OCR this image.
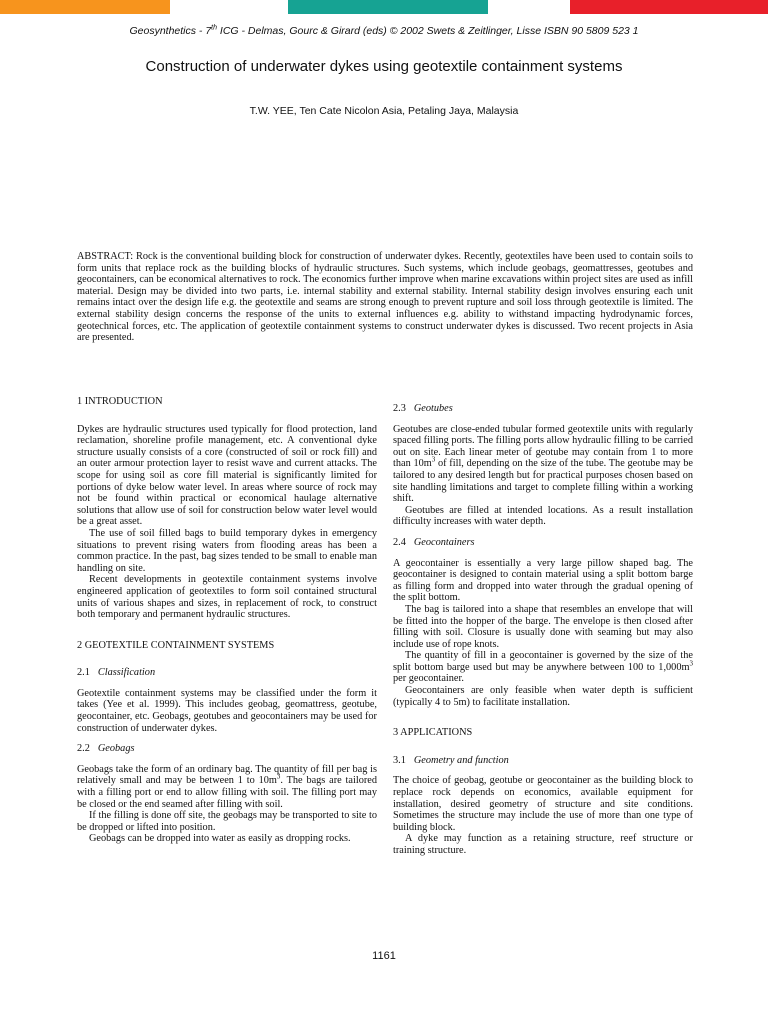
Geosynthetics - 7th ICG - Delmas, Gourc & Girard (eds) © 2002 Swets & Zeitlinger, Lisse ISBN 90 5809 523 1
Construction of underwater dykes using geotextile containment systems
T.W. YEE, Ten Cate Nicolon Asia, Petaling Jaya, Malaysia
ABSTRACT: Rock is the conventional building block for construction of underwater dykes. Recently, geotextiles have been used to contain soils to form units that replace rock as the building blocks of hydraulic structures. Such systems, which include geobags, geomattresses, geotubes and geocontainers, can be economical alternatives to rock. The economics further improve when marine excavations within project sites are used as infill material. Design may be divided into two parts, i.e. internal stability and external stability. Internal stability design involves ensuring each unit remains intact over the design life e.g. the geotextile and seams are strong enough to prevent rupture and soil loss through geotextile is limited. The external stability design concerns the response of the units to external influences e.g. ability to withstand impacting hydrodynamic forces, geotechnical forces, etc. The application of geotextile containment systems to construct underwater dykes is discussed. Two recent projects in Asia are presented.

1 INTRODUCTION

Dykes are hydraulic structures used typically for flood protection, land reclamation, shoreline profile management, etc. A conventional dyke structure usually consists of a core (constructed of soil or rock fill) and an outer armour protection layer to resist wave and current attacks. The scope for using soil as core fill material is significantly limited for portions of dyke below water level. In areas where source of rock may not be found within practical or economical haulage alternative solutions that allow use of soil for construction below water level would be a great asset.

The use of soil filled bags to build temporary dykes in emergency situations to prevent rising waters from flooding areas has been a common practice. In the past, bag sizes tended to be small to enable man handling on site.

Recent developments in geotextile containment systems involve engineered application of geotextiles to form soil contained structural units of various shapes and sizes, in replacement of rock, to construct both temporary and permanent hydraulic structures.

2 GEOTEXTILE CONTAINMENT SYSTEMS

2.1 Classification

Geotextile containment systems may be classified under the form it takes (Yee et al. 1999). This includes geobag, geomattress, geotube, geocontainer, etc. Geobags, geotubes and geocontainers may be used for construction of underwater dykes.

2.2 Geobags

Geobags take the form of an ordinary bag. The quantity of fill per bag is relatively small and may be between 1 to $10m^3$. The bags are tailored with a filling port or end to allow filling with soil. The filling port may be closed or the end seamed after filling with soil.

If the filling is done off site, the geobags may be transported to site to be dropped or lifted into position.

Geobags can be dropped into water as easily as dropping rocks.

2.3 Geotubes

Geotubes are close-ended tubular formed geotextile units with regularly spaced filling ports. The filling ports allow hydraulic filling to be carried out on site. Each linear meter of geotube may contain from 1 to more than $10m^3$ of fill, depending on the size of the tube. The geotube may be tailored to any desired length but for practical purposes chosen based on site handling limitations and target to complete filling within a working shift.

Geotubes are filled at intended locations. As a result installation difficulty increases with water depth.

2.4 Geocontainers

A geocontainer is essentially a very large pillow shaped bag. The geocontainer is designed to contain material using a split bottom barge as filling form and dropped into water through the gradual opening of the split bottom.

The bag is tailored into a shape that resembles an envelope that will be fitted into the hopper of the barge. The envelope is then closed after filling with soil. Closure is usually done with seaming but may also include use of rope knots.

The quantity of fill in a geocontainer is governed by the size of the split bottom barge used but may be anywhere between 100 to $1,000m^3$ per geocontainer.

Geocontainers are only feasible when water depth is sufficient (typically 4 to 5m) to facilitate installation.

3 APPLICATIONS

3.1 Geometry and function

The choice of geobag, geotube or geocontainer as the building block to replace rock depends on economics, available equipment for installation, desired geometry of structure and site conditions. Sometimes the structure may include the use of more than one type of building block.

A dyke may function as a retaining structure, reef structure or training structure.

1161
